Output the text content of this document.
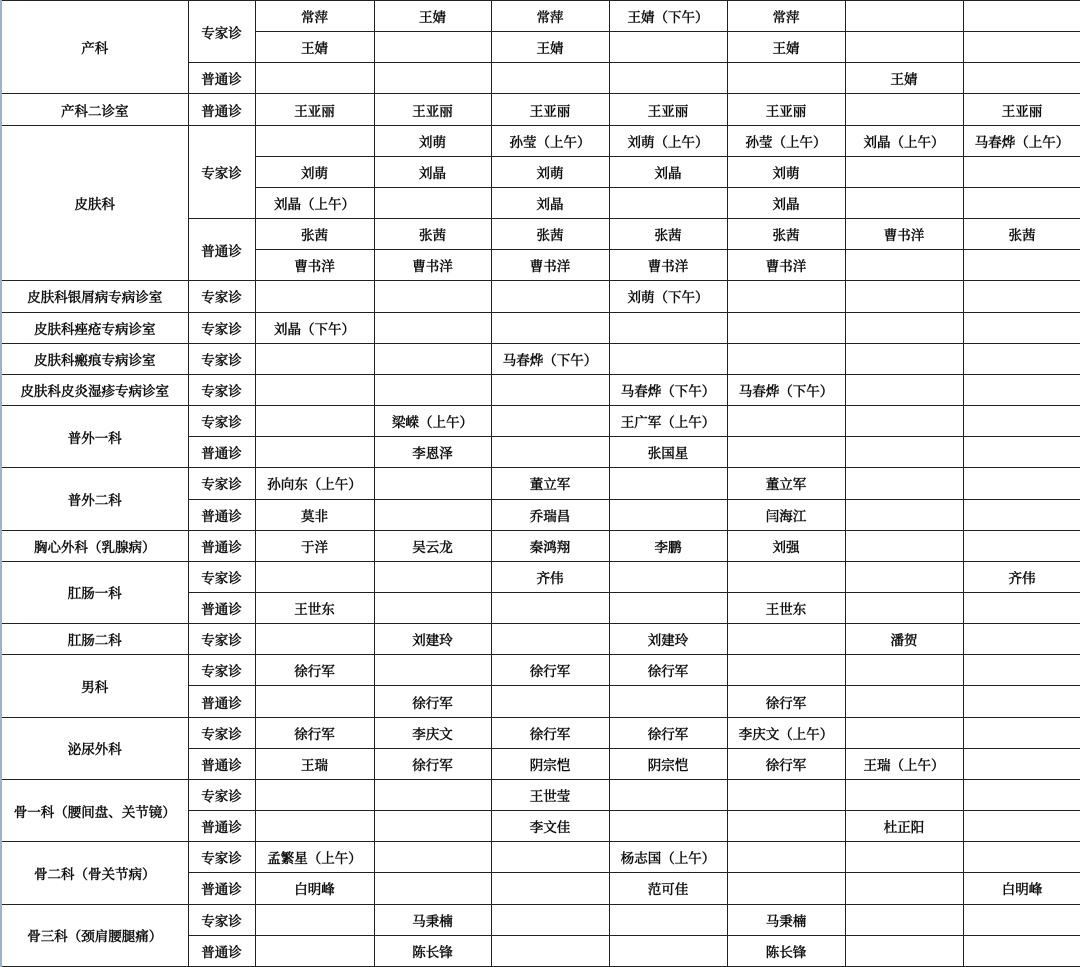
产科	专家诊	常萍	王婧	常萍	王婧（下午）	常萍		
		王婧		王婧		王婧		
	普通诊						王婧	
产科二诊室	普通诊	王亚丽	王亚丽	王亚丽	王亚丽	王亚丽		王亚丽
皮肤科	专家诊		刘萌	孙莹（上午）	刘萌（上午）	孙莹（上午）	刘晶（上午）	马春烨（上午）
		刘萌	刘晶	刘萌	刘晶	刘萌		
		刘晶（上午）		刘晶		刘晶		
	普通诊	张茜	张茜	张茜	张茜	张茜	曹书洋	张茜
		曹书洋	曹书洋	曹书洋	曹书洋	曹书洋		
皮肤科银屑病专病诊室	专家诊				刘萌（下午）			
皮肤科痤疮专病诊室	专家诊	刘晶（下午）						
皮肤科瘢痕专病诊室	专家诊			马春烨（下午）				
皮肤科皮炎湿疹专病诊室	专家诊				马春烨（下午）	马春烨（下午）		
普外一科	专家诊		梁嵘（上午）		王广军（上午）			
	普通诊		李恩泽		张国星			
普外二科	专家诊	孙向东（上午）		董立军		董立军		
	普通诊	莫非		乔瑞昌		闫海江		
胸心外科（乳腺病）	普通诊	于洋	吴云龙	秦鸿翔	李鹏	刘强		
肛肠一科	专家诊			齐伟				齐伟
	普通诊	王世东				王世东		
肛肠二科	专家诊		刘建玲		刘建玲		潘贺	
男科	专家诊	徐行军		徐行军	徐行军			
	普通诊		徐行军			徐行军		
泌尿外科	专家诊	徐行军	李庆文	徐行军	徐行军	李庆文（上午）		
	普通诊	王瑞	徐行军	阴宗恺	阴宗恺	徐行军	王瑞（上午）	
骨一科（腰间盘、关节镜）	专家诊			王世莹				
	普通诊			李文佳			杜正阳	
骨二科（骨关节病）	专家诊	孟繁星（上午）			杨志国（上午）			
	普通诊	白明峰			范可佳			白明峰
骨三科（颈肩腰腿痛）	专家诊		马秉楠			马秉楠		
	普通诊		陈长锋			陈长锋		
